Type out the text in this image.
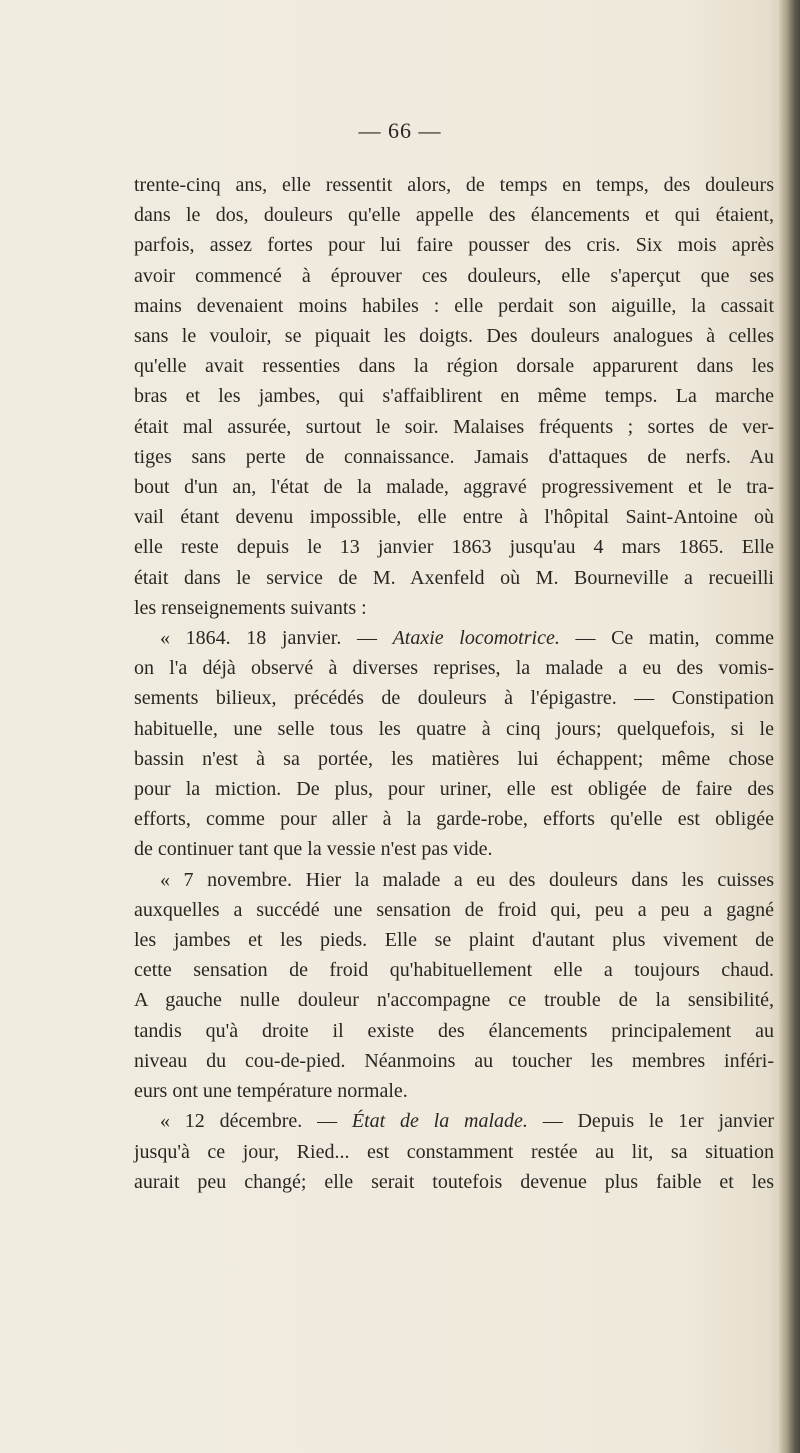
— 66 —

trente-cinq ans, elle ressentit alors, de temps en temps, des douleurs
dans le dos, douleurs qu'elle appelle des élancements et qui étaient,
parfois, assez fortes pour lui faire pousser des cris. Six mois après
avoir commencé à éprouver ces douleurs, elle s'aperçut que ses
mains devenaient moins habiles : elle perdait son aiguille, la cassait
sans le vouloir, se piquait les doigts. Des douleurs analogues à celles
qu'elle avait ressenties dans la région dorsale apparurent dans les
bras et les jambes, qui s'affaiblirent en même temps. La marche
était mal assurée, surtout le soir. Malaises fréquents ; sortes de ver-
tiges sans perte de connaissance. Jamais d'attaques de nerfs. Au
bout d'un an, l'état de la malade, aggravé progressivement et le tra-
vail étant devenu impossible, elle entre à l'hôpital Saint-Antoine où
elle reste depuis le 13 janvier 1863 jusqu'au 4 mars 1865. Elle
était dans le service de M. Axenfeld où M. Bourneville a recueilli
les renseignements suivants :

« 1864. 18 janvier. — Ataxie locomotrice. — Ce matin, comme
on l'a déjà observé à diverses reprises, la malade a eu des vomis-
sements bilieux, précédés de douleurs à l'épigastre. — Constipation
habituelle, une selle tous les quatre à cinq jours; quelquefois, si le
bassin n'est à sa portée, les matières lui échappent; même chose
pour la miction. De plus, pour uriner, elle est obligée de faire des
efforts, comme pour aller à la garde-robe, efforts qu'elle est obligée
de continuer tant que la vessie n'est pas vide.

« 7 novembre. Hier la malade a eu des douleurs dans les cuisses
auxquelles a succédé une sensation de froid qui, peu a peu a gagné
les jambes et les pieds. Elle se plaint d'autant plus vivement de
cette sensation de froid qu'habituellement elle a toujours chaud.
A gauche nulle douleur n'accompagne ce trouble de la sensibilité,
tandis qu'à droite il existe des élancements principalement au
niveau du cou-de-pied. Néanmoins au toucher les membres inféri-
eurs ont une température normale.

« 12 décembre. — État de la malade. — Depuis le 1er janvier
jusqu'à ce jour, Ried... est constamment restée au lit, sa situation
aurait peu changé; elle serait toutefois devenue plus faible et les
